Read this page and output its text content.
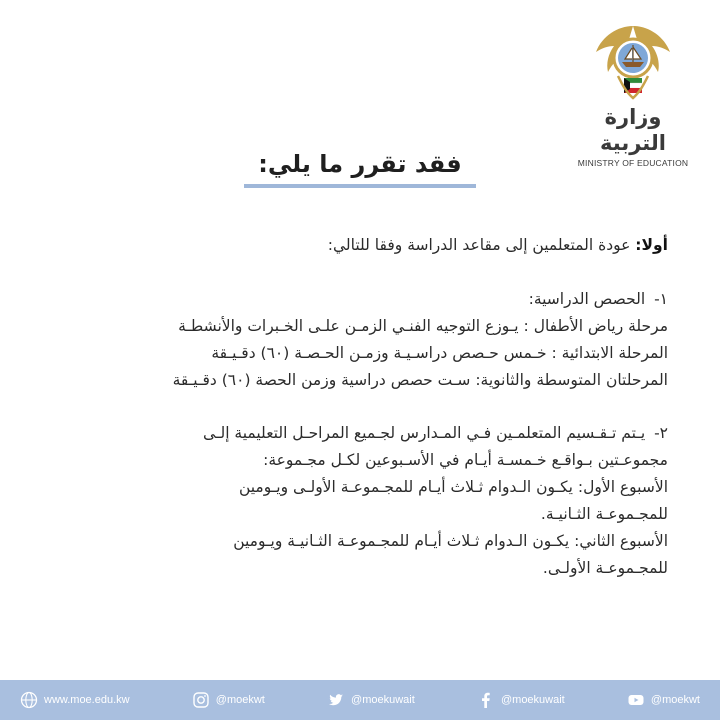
وزارة التربية
MINISTRY OF EDUCATION
فقد تقرر ما يلي:
أولا: عودة المتعلمين إلى مقاعد الدراسة وفقا للتالي:
١- الحصص الدراسية:
مرحلة رياض الأطفال : يـوزع التوجيه الفنـي الزمـن علـى الخـبرات والأنشطـة
المرحلة الابتدائية : خـمس حـصص دراسـيـة وزمـن الحـصـة (٦٠) دقـيـقة
المرحلتان المتوسطة والثانوية: سـت حصص دراسية وزمن الحصة (٦٠) دقـيـقة
٢- يـتم تـقـسيم المتعلمـين فـي المـدارس لجـميع المراحـل التعليمية إلـى
مجموعـتين بـواقـع خـمسـة أيـام في الأسـبوعين لكـل مجـموعة:
الأسبوع الأول: يكـون الـدوام ثـلاث أيـام للمجـموعـة الأولـى ويـومين
للمجـموعـة الثـانيـة.
الأسبوع الثاني: يكـون الـدوام ثـلاث أيـام للمجـموعـة الثـانيـة ويـومين
للمجـموعـة الأولـى.
www.moe.edu.kw	@moekwt	@moekuwait	@moekuwait	@moekwt
